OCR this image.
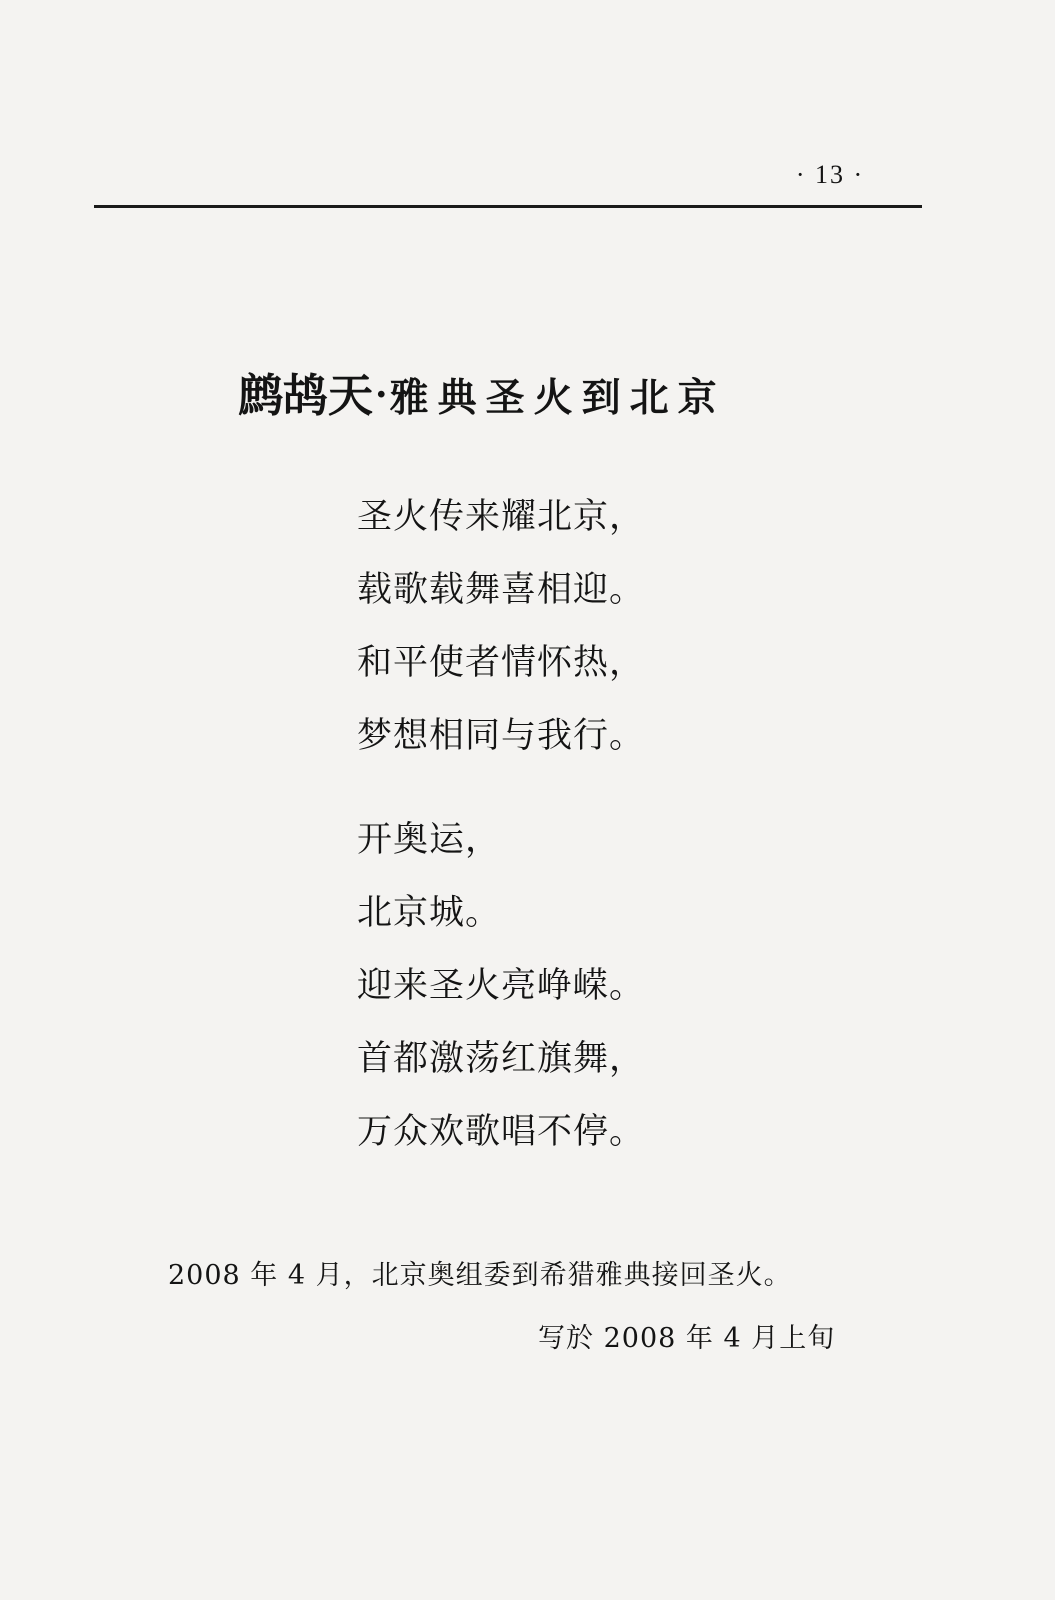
· 13 ·
鹧鸪天·雅典圣火到北京
圣火传来耀北京，
载歌载舞喜相迎。
和平使者情怀热，
梦想相同与我行。
开奥运，
北京城。
迎来圣火亮峥嵘。
首都激荡红旗舞，
万众欢歌唱不停。
2008 年 4 月，北京奥组委到希猎雅典接回圣火。
写於 2008 年 4 月上旬
